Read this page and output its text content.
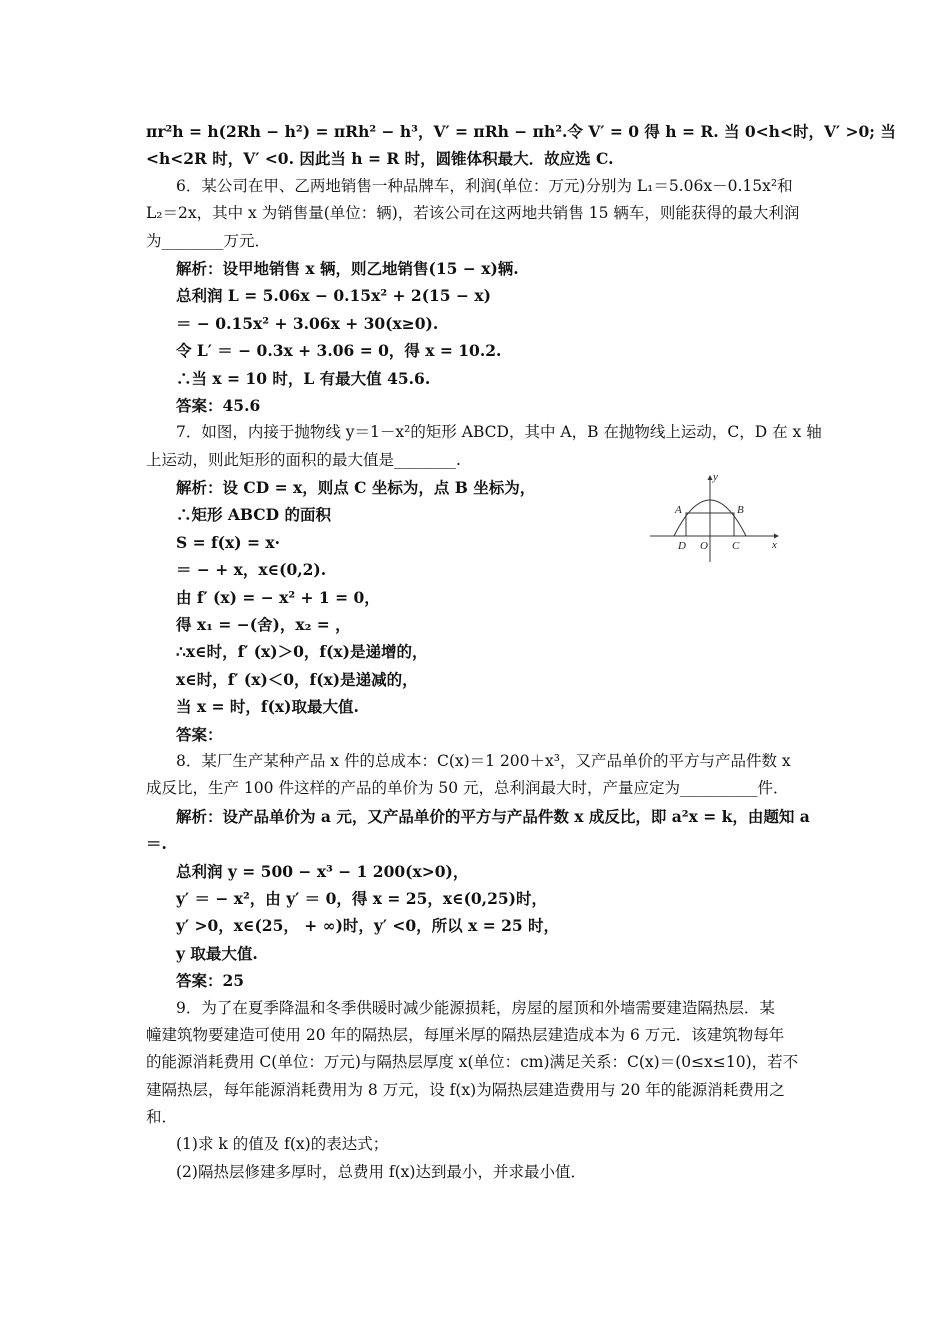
πr²h = h(2Rh − h²) = πRh² − h³，V′ = πRh − πh².令 V′ = 0 得 h = R. 当 0<h<时，V′ >0; 当
<h<2R 时，V′ <0. 因此当 h = R 时，圆锥体积最大．故应选 C.
6．某公司在甲、乙两地销售一种品牌车，利润(单位：万元)分别为 L₁＝5.06x－0.15x²和
L₂＝2x，其中 x 为销售量(单位：辆)，若该公司在这两地共销售 15 辆车，则能获得的最大利润
为________万元．
解析：设甲地销售 x 辆，则乙地销售(15 − x)辆.
总利润 L = 5.06x − 0.15x² + 2(15 − x)
＝ − 0.15x² + 3.06x + 30(x≥0).
令 L′ ＝ − 0.3x + 3.06 = 0，得 x = 10.2.
∴当 x = 10 时，L 有最大值 45.6.
答案：45.6
7．如图，内接于抛物线 y＝1－x²的矩形 ABCD，其中 A，B 在抛物线上运动，C，D 在 x 轴
上运动，则此矩形的面积的最大值是________.
解析：设 CD = x，则点 C 坐标为，点 B 坐标为，
∴矩形 ABCD 的面积
S = f(x) = x·
＝ − + x，x∈(0,2).
由 f′ (x) = − x² + 1 = 0，
得 x₁ = −(舍)，x₂ = ，
∴x∈时，f′ (x)＞0，f(x)是递增的，
x∈时，f′ (x)＜0，f(x)是递减的，
当 x = 时，f(x)取最大值.
答案：
8．某厂生产某种产品 x 件的总成本：C(x)＝1 200＋x³，又产品单价的平方与产品件数 x
成反比，生产 100 件这样的产品的单价为 50 元，总利润最大时，产量应定为__________件．
解析：设产品单价为 a 元，又产品单价的平方与产品件数 x 成反比，即 a²x = k，由题知 a
＝.
总利润 y = 500 − x³ − 1 200(x>0)，
y′ ＝ − x²，由 y′ ＝ 0，得 x = 25，x∈(0,25)时，
y′ >0，x∈(25， + ∞)时，y′ <0，所以 x = 25 时，
y 取最大值.
答案：25
9．为了在夏季降温和冬季供暖时减少能源损耗，房屋的屋顶和外墙需要建造隔热层．某
幢建筑物要建造可使用 20 年的隔热层，每厘米厚的隔热层建造成本为 6 万元．该建筑物每年
的能源消耗费用 C(单位：万元)与隔热层厚度 x(单位：cm)满足关系：C(x)＝(0≤x≤10)，若不
建隔热层，每年能源消耗费用为 8 万元，设 f(x)为隔热层建造费用与 20 年的能源消耗费用之
和．
(1)求 k 的值及 f(x)的表达式；
(2)隔热层修建多厚时，总费用 f(x)达到最小，并求最小值．
y
x
A	B
C
D O
